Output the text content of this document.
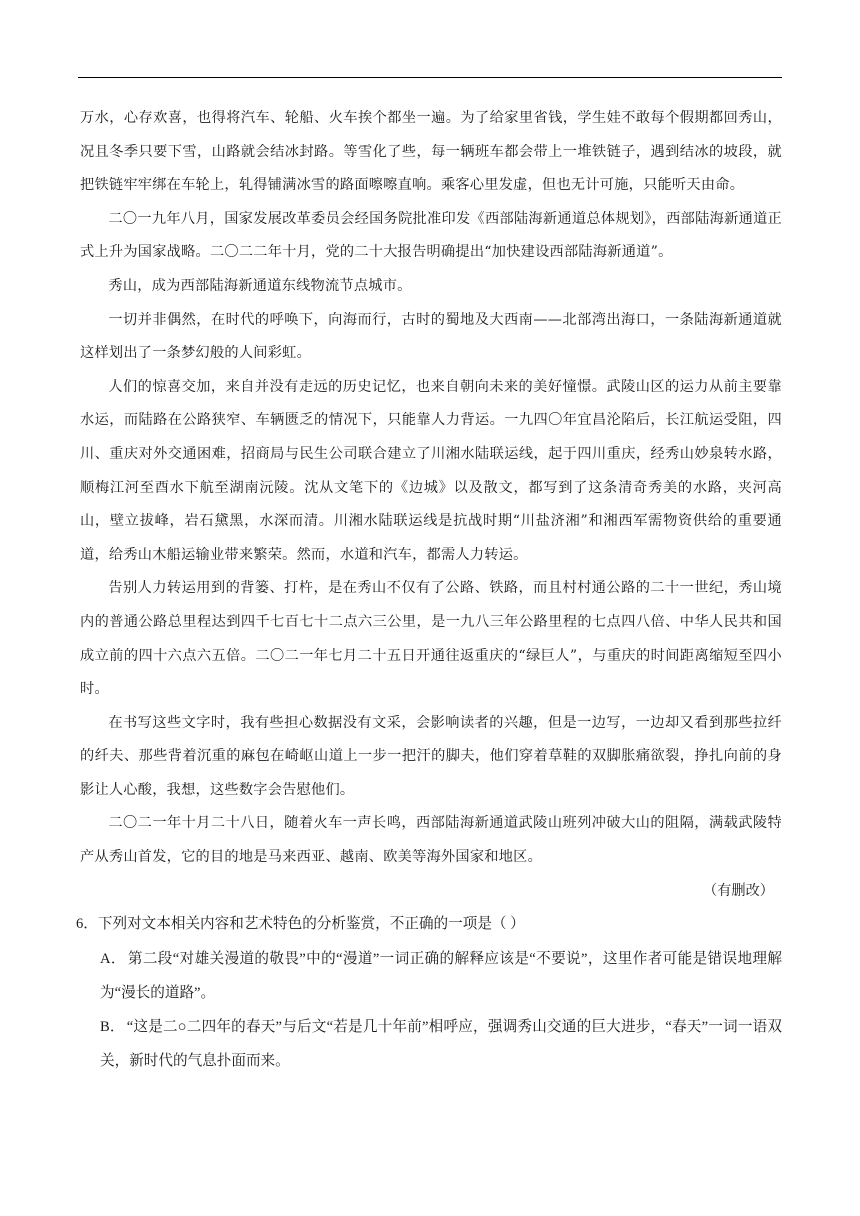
万水，心存欢喜，也得将汽车、轮船、火车挨个都坐一遍。为了给家里省钱，学生娃不敢每个假期都回秀山，况且冬季只要下雪，山路就会结冰封路。等雪化了些，每一辆班车都会带上一堆铁链子，遇到结冰的坡段，就把铁链牢牢绑在车轮上，轧得铺满冰雪的路面嚓嚓直响。乘客心里发虚，但也无计可施，只能听天由命。

二〇一九年八月，国家发展改革委员会经国务院批准印发《西部陆海新通道总体规划》，西部陆海新通道正式上升为国家战略。二〇二二年十月，党的二十大报告明确提出“加快建设西部陆海新通道”。

秀山，成为西部陆海新通道东线物流节点城市。

一切并非偶然，在时代的呼唤下，向海而行，古时的蜀地及大西南——北部湾出海口，一条陆海新通道就这样划出了一条梦幻般的人间彩虹。

人们的惊喜交加，来自并没有走远的历史记忆，也来自朝向未来的美好憧憬。武陵山区的运力从前主要靠水运，而陆路在公路狭窄、车辆匮乏的情况下，只能靠人力背运。一九四〇年宜昌沦陷后，长江航运受阻，四川、重庆对外交通困难，招商局与民生公司联合建立了川湘水陆联运线，起于四川重庆，经秀山妙泉转水路，顺梅江河至酉水下航至湖南沅陵。沈从文笔下的《边城》以及散文，都写到了这条清奇秀美的水路，夹河高山，壁立拔峰，岩石黛黑，水深而清。川湘水陆联运线是抗战时期“川盐济湘”和湘西军需物资供给的重要通道，给秀山木船运输业带来繁荣。然而，水道和汽车，都需人力转运。

告别人力转运用到的背篓、打杵，是在秀山不仅有了公路、铁路，而且村村通公路的二十一世纪，秀山境内的普通公路总里程达到四千七百七十二点六三公里，是一九八三年公路里程的七点四八倍、中华人民共和国成立前的四十六点六五倍。二〇二一年七月二十五日开通往返重庆的“绿巨人”，与重庆的时间距离缩短至四小时。

在书写这些文字时，我有些担心数据没有文采，会影响读者的兴趣，但是一边写，一边却又看到那些拉纤的纤夫、那些背着沉重的麻包在崎岖山道上一步一把汗的脚夫，他们穿着草鞋的双脚胀痛欲裂，挣扎向前的身影让人心酸，我想，这些数字会告慰他们。

二〇二一年十月二十八日，随着火车一声长鸣，西部陆海新通道武陵山班列冲破大山的阻隔，满载武陵特产从秀山首发，它的目的地是马来西亚、越南、欧美等海外国家和地区。

（有删改）

6．下列对文本相关内容和艺术特色的分析鉴赏，不正确的一项是（ ）

A． 第二段“对雄关漫道的敬畏”中的“漫道”一词正确的解释应该是“不要说”，这里作者可能是错误地理解为“漫长的道路”。

B． “这是二○二四年的春天”与后文“若是几十年前”相呼应，强调秀山交通的巨大进步，“春天”一词一语双关，新时代的气息扑面而来。
